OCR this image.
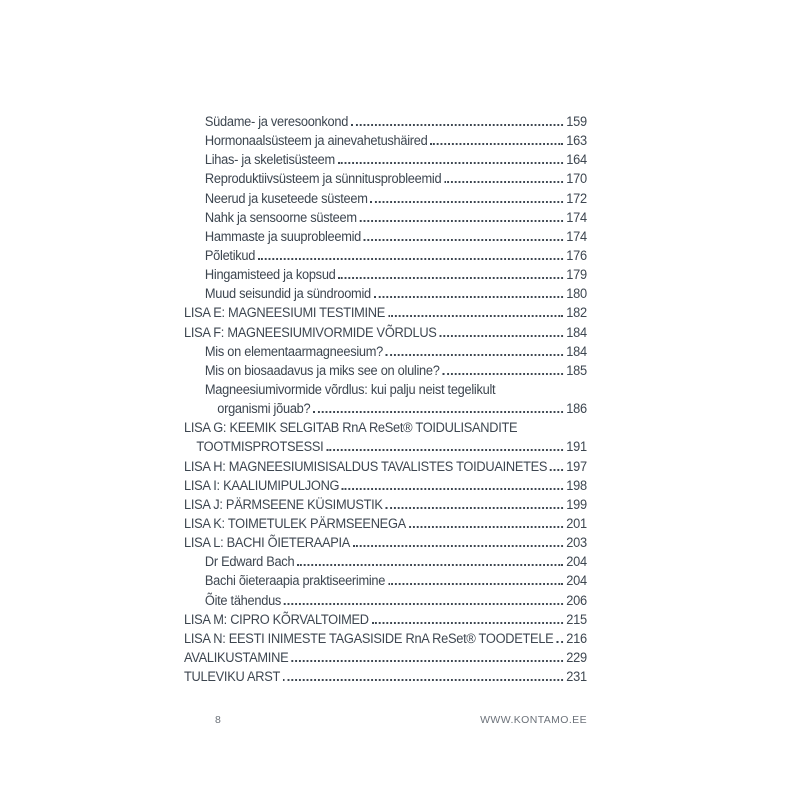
Südame- ja veresoonkond	159
Hormonaalsüsteem ja ainevahetushäired	163
Lihas- ja skeletisüsteem	164
Reproduktiivsüsteem ja sünnitusprobleemid	170
Neerud ja kuseteede süsteem	172
Nahk ja sensoorne süsteem	174
Hammaste ja suuprobleemid	174
Põletikud	176
Hingamisteed ja kopsud	179
Muud seisundid ja sündroomid	180
LISA E: MAGNEESIUMI TESTIMINE	182
LISA F: MAGNEESIUMIVORMIDE VÕRDLUS	184
Mis on elementaarmagneesium?	184
Mis on biosaadavus ja miks see on oluline?	185
Magneesiumivormide võrdlus: kui palju neist tegelikult
organismi jõuab?	186
LISA G: KEEMIK SELGITAB RnA ReSet® TOIDULISANDITE
TOOTMISPROTSESSI	191
LISA H: MAGNEESIUMISISALDUS TAVALISTES TOIDUAINETES 197
LISA I: KAALIUMIPULJONG	198
LISA J: PÄRMSEENE KÜSIMUSTIK	199
LISA K: TOIMETULEK PÄRMSEENEGA	201
LISA L: BACHI ÕIETERAAPIA	203
Dr Edward Bach	204
Bachi õieteraapia praktiseerimine	204
Õite tähendus	206
LISA M: CIPRO KÕRVALTOIMED	215
LISA N: EESTI INIMESTE TAGASISIDE RnA ReSet® TOODETELE 216
AVALIKUSTAMINE	229
TULEVIKU ARST	231
8	WWW.KONTAMO.EE
